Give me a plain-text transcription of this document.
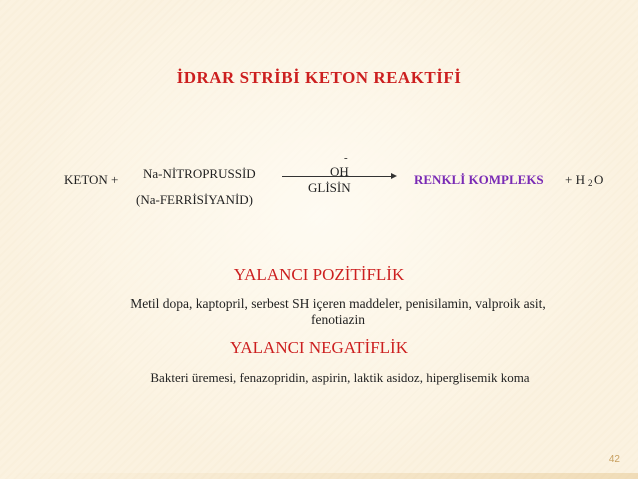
İDRAR STRİBİ KETON REAKTİFİ
KETON + Na-NİTROPRUSSİD
(Na-FERRİSİYANİD)
OH
-
GLİSİN
RENKLİ KOMPLEKS + H 2 O
YALANCI POZİTİFLİK
Metil dopa, kaptopril, serbest SH içeren maddeler, penisilamin, valproik asit,
fenotiazin
YALANCI NEGATİFLİK
Bakteri üremesi, fenazopridin, aspirin, laktik asidoz, hiperglisemik koma
42
